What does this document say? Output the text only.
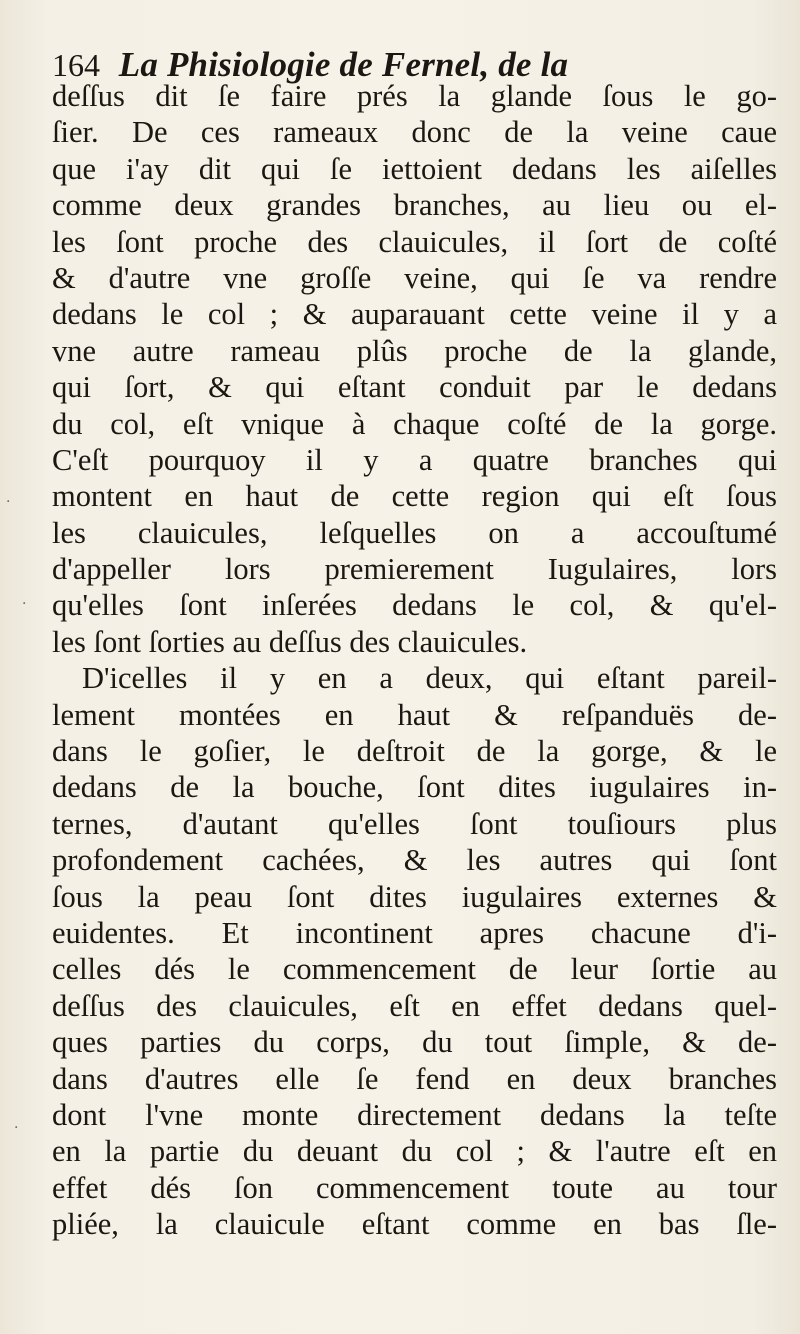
164 La Phisiologie de Fernel, de la
deſſus dit ſe faire prés la glande ſous le go-
ſier. De ces rameaux donc de la veine caue
que i'ay dit qui ſe iettoient dedans les aiſelles
comme deux grandes branches, au lieu ou el-
les ſont proche des clauicules, il ſort de coſté
& d'autre vne groſſe veine, qui ſe va rendre
dedans le col ; & auparauant cette veine il y a
vne autre rameau plûs proche de la glande,
qui ſort, & qui eſtant conduit par le dedans
du col, eſt vnique à chaque coſté de la gorge.
C'eſt pourquoy il y a quatre branches qui
montent en haut de cette region qui eſt ſous
les clauicules, leſquelles on a accouſtumé
d'appeller lors premierement Iugulaires, lors
qu'elles ſont inſerées dedans le col, & qu'el-
les ſont ſorties au deſſus des clauicules.
D'icelles il y en a deux, qui eſtant pareil-
lement montées en haut & reſpanduës de-
dans le goſier, le deſtroit de la gorge, & le
dedans de la bouche, ſont dites iugulaires in-
ternes, d'autant qu'elles ſont touſiours plus
profondement cachées, & les autres qui ſont
ſous la peau ſont dites iugulaires externes &
euidentes. Et incontinent apres chacune d'i-
celles dés le commencement de leur ſortie au
deſſus des clauicules, eſt en effet dedans quel-
ques parties du corps, du tout ſimple, & de-
dans d'autres elle ſe fend en deux branches
dont l'vne monte directement dedans la teſte
en la partie du deuant du col ; & l'autre eſt en
effet dés ſon commencement toute au tour
pliée, la clauicule eſtant comme en bas ſle-
·
·
·
